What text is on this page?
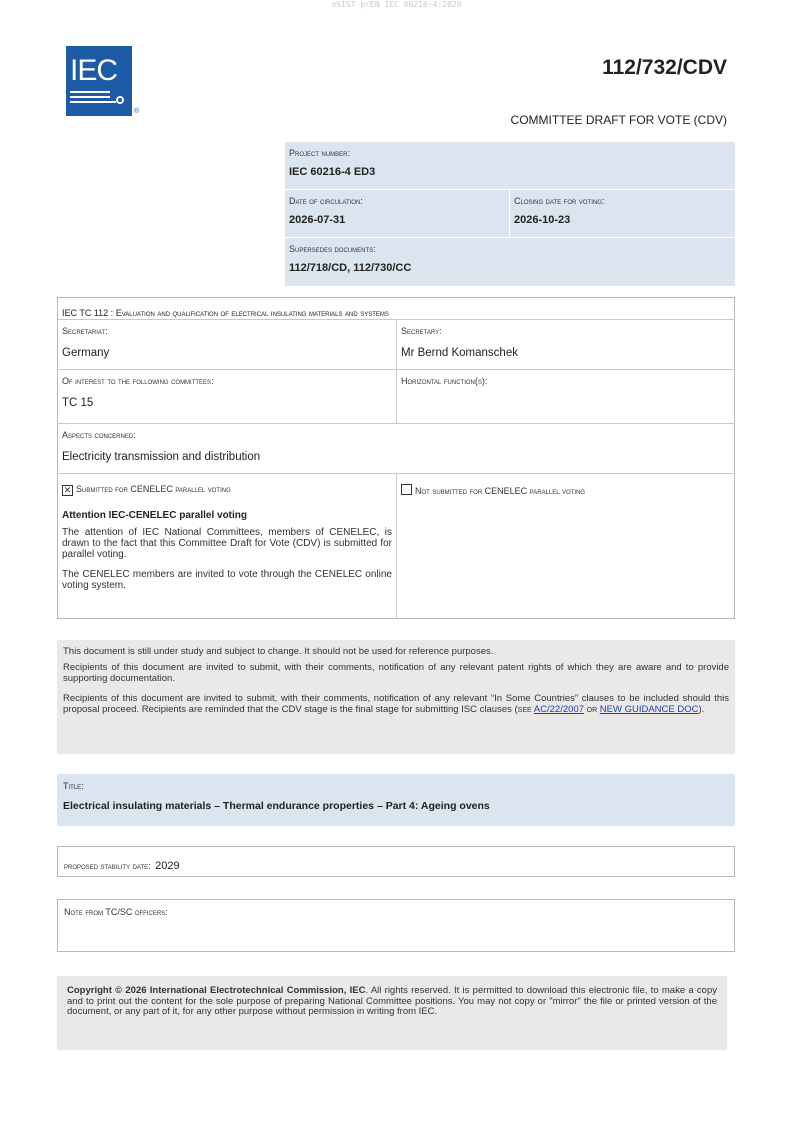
oSIST prEN IEC 60216-4:2026
IEC
®
112/732/CDV
COMMITTEE DRAFT FOR VOTE (CDV)
Project number:
IEC 60216-4 ED3
Date of circulation:
2026-07-31
Closing date for voting:
2026-10-23
Supersedes documents:
112/718/CD, 112/730/CC
IEC TC 112 : Evaluation and qualification of electrical insulating materials and systems
Secretariat:
Germany
Secretary:
Mr Bernd Komanschek
Of interest to the following committees:
TC 15
Horizontal function(s):
Aspects concerned:
Electricity transmission and distribution
✕ Submitted for CENELEC parallel voting
Attention IEC-CENELEC parallel voting
The attention of IEC National Committees, members of CENELEC, is drawn to the fact that this Committee Draft for Vote (CDV) is submitted for parallel voting.
The CENELEC members are invited to vote through the CENELEC online voting system.
Not submitted for CENELEC parallel voting

This document is still under study and subject to change. It should not be used for reference purposes.

Recipients of this document are invited to submit, with their comments, notification of any relevant patent rights of which they are aware and to provide supporting documentation.

Recipients of this document are invited to submit, with their comments, notification of any relevant “In Some Countries” clauses to be included should this proposal proceed. Recipients are reminded that the CDV stage is the final stage for submitting ISC clauses (see AC/22/2007 or NEW GUIDANCE DOC).

Title:
Electrical insulating materials – Thermal endurance properties – Part 4: Ageing ovens
proposed stability date: 2029
Note from TC/SC officers:

Copyright © 2026 International Electrotechnical Commission, IEC. All rights reserved. It is permitted to download this electronic file, to make a copy and to print out the content for the sole purpose of preparing National Committee positions. You may not copy or "mirror" the file or printed version of the document, or any part of it, for any other purpose without permission in writing from IEC.
